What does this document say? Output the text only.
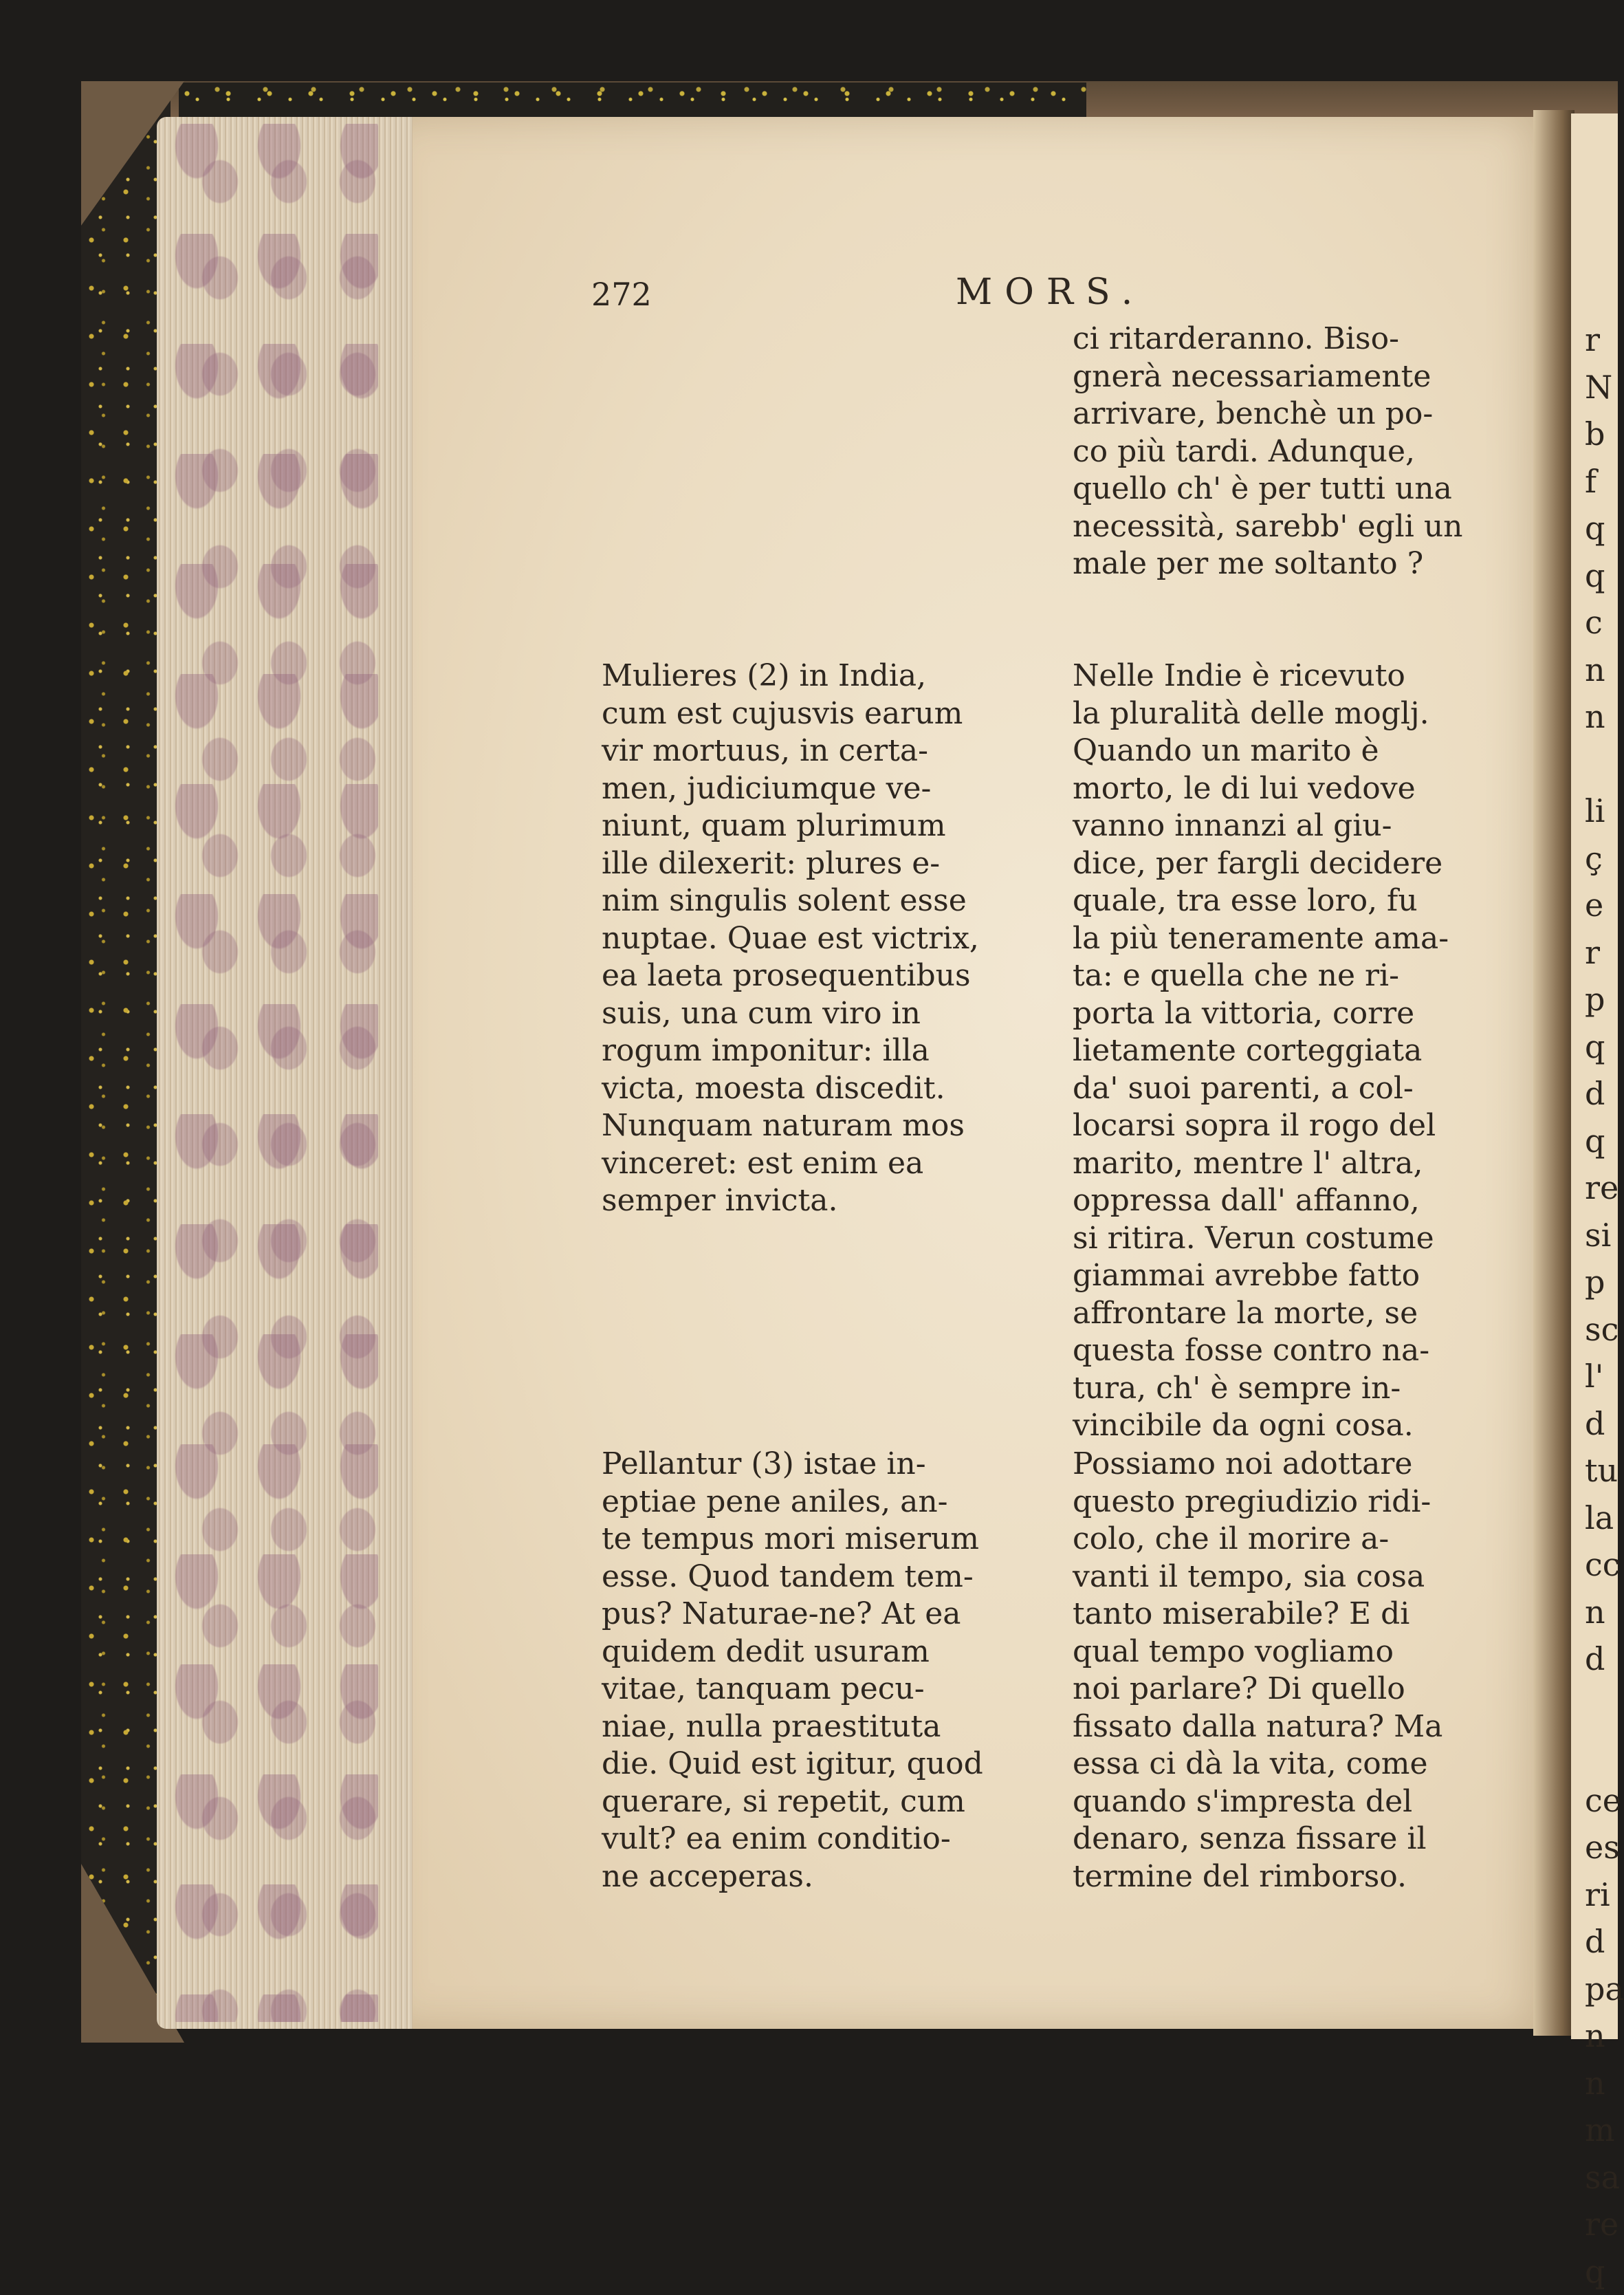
r
N
b
f
q
q
c
n
n
li
ç
e
r
p
q
d
q
re
si
p
sc
l'
d
tu
la
cc
n
d
ce
es
ri
d
pa
n
n
m
sa
re
q
272	MORS.
ci ritarderanno. Biso-
gnerà necessariamente
arrivare, benchè un po-
co più tardi. Adunque,
quello ch' è per tutti una
necessità, sarebb' egli un
male per me soltanto ?
Mulieres (2) in India,
cum est cujusvis earum
vir mortuus, in certa-
men, judiciumque ve-
niunt, quam plurimum
ille dilexerit: plures e-
nim singulis solent esse
nuptae. Quae est victrix,
ea laeta prosequentibus
suis, una cum viro in
rogum imponitur: illa
victa, moesta discedit.
Nunquam naturam mos
vinceret: est enim ea
semper invicta.
Nelle Indie è ricevuto
la pluralità delle moglj.
Quando un marito è
morto, le di lui vedove
vanno innanzi al giu-
dice, per fargli decidere
quale, tra esse loro, fu
la più teneramente ama-
ta: e quella che ne ri-
porta la vittoria, corre
lietamente corteggiata
da' suoi parenti, a col-
locarsi sopra il rogo del
marito, mentre l' altra,
oppressa dall' affanno,
si ritira. Verun costume
giammai avrebbe fatto
affrontare la morte, se
questa fosse contro na-
tura, ch' è sempre in-
vincibile da ogni cosa.
Pellantur (3) istae in-
eptiae pene aniles, an-
te tempus mori miserum
esse. Quod tandem tem-
pus? Naturae-ne? At ea
quidem dedit usuram
vitae, tanquam pecu-
niae, nulla praestituta
die. Quid est igitur, quod
querare, si repetit, cum
vult? ea enim conditio-
ne acceperas.
Possiamo noi adottare
questo pregiudizio ridi-
colo, che il morire a-
vanti il tempo, sia cosa
tanto miserabile? E di
qual tempo vogliamo
noi parlare? Di quello
fissato dalla natura? Ma
essa ci dà la vita, come
quando s'impresta del
denaro, senza fissare il
termine del rimborso.
